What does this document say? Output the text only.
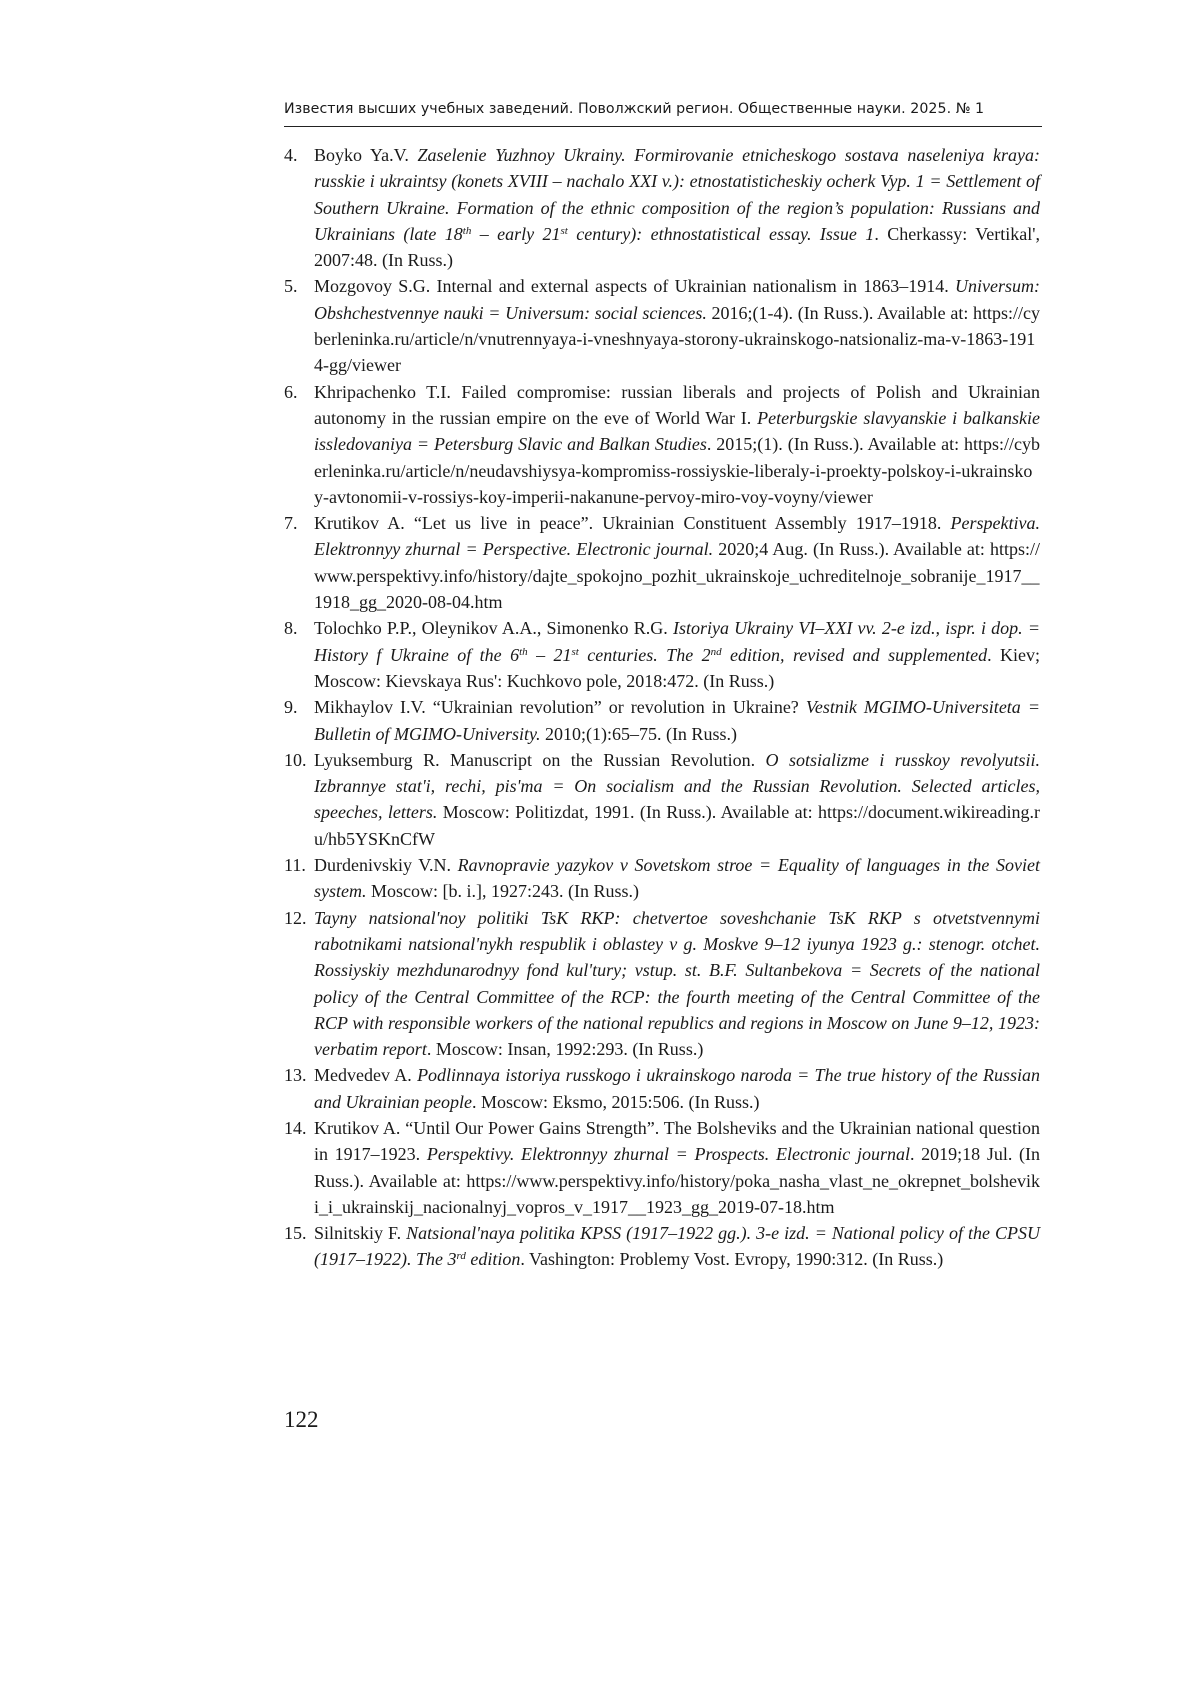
Известия высших учебных заведений. Поволжский регион. Общественные науки. 2025. № 1
4. Boyko Ya.V. Zaselenie Yuzhnoy Ukrainy. Formirovanie etnicheskogo sostava naseleniya kraya: russkie i ukraintsy (konets XVIII – nachalo XXI v.): etnostatisticheskiy ocherk Vyp. 1 = Settlement of Southern Ukraine. Formation of the ethnic composition of the region’s population: Russians and Ukrainians (late 18th – early 21st century): ethnostatistical essay. Issue 1. Cherkassy: Vertikal', 2007:48. (In Russ.)
5. Mozgovoy S.G. Internal and external aspects of Ukrainian nationalism in 1863–1914. Universum: Obshchestvennye nauki = Universum: social sciences. 2016;(1-4). (In Russ.). Available at: https://cyberleninka.ru/article/n/vnutrennyaya-i-vneshnyaya-storony-ukrainskogo-natsionaliz-ma-v-1863-1914-gg/viewer
6. Khripachenko T.I. Failed compromise: russian liberals and projects of Polish and Ukrainian autonomy in the russian empire on the eve of World War I. Peterburgskie slavyanskie i balkanskie issledovaniya = Petersburg Slavic and Balkan Studies. 2015;(1). (In Russ.). Available at: https://cyberleninka.ru/article/n/neudavshiysya-kompromiss-rossiyskie-liberaly-i-proekty-polskoy-i-ukrainskoy-avtonomii-v-rossiys-koy-imperii-nakanune-pervoy-miro-voy-voyny/viewer
7. Krutikov A. “Let us live in peace”. Ukrainian Constituent Assembly 1917–1918. Perspektiva. Elektronnyy zhurnal = Perspective. Electronic journal. 2020;4 Aug. (In Russ.). Available at: https://www.perspektivy.info/history/dajte_spokojno_pozhit_ukrainskoje_uchreditelnoje_sobranije_1917__1918_gg_2020-08-04.htm
8. Tolochko P.P., Oleynikov A.A., Simonenko R.G. Istoriya Ukrainy VI–XXI vv. 2-e izd., ispr. i dop. = History f Ukraine of the 6th – 21st centuries. The 2nd edition, revised and supplemented. Kiev; Moscow: Kievskaya Rus': Kuchkovo pole, 2018:472. (In Russ.)
9. Mikhaylov I.V. “Ukrainian revolution” or revolution in Ukraine? Vestnik MGIMO-Universiteta = Bulletin of MGIMO-University. 2010;(1):65–75. (In Russ.)
10. Lyuksemburg R. Manuscript on the Russian Revolution. O sotsializme i russkoy revolyutsii. Izbrannye stat'i, rechi, pis'ma = On socialism and the Russian Revolution. Selected articles, speeches, letters. Moscow: Politizdat, 1991. (In Russ.). Available at: https://document.wikireading.ru/hb5YSKnCfW
11. Durdenivskiy V.N. Ravnopravie yazykov v Sovetskom stroe = Equality of languages in the Soviet system. Moscow: [b. i.], 1927:243. (In Russ.)
12. Tayny natsional'noy politiki TsK RKP: chetvertoe soveshchanie TsK RKP s otvetstvennymi rabotnikami natsional'nykh respublik i oblastey v g. Moskve 9–12 iyunya 1923 g.: stenogr. otchet. Rossiyskiy mezhdunarodnyy fond kul'tury; vstup. st. B.F. Sultanbekova = Secrets of the national policy of the Central Committee of the RCP: the fourth meeting of the Central Committee of the RCP with responsible workers of the national republics and regions in Moscow on June 9–12, 1923: verbatim report. Moscow: Insan, 1992:293. (In Russ.)
13. Medvedev A. Podlinnaya istoriya russkogo i ukrainskogo naroda = The true history of the Russian and Ukrainian people. Moscow: Eksmo, 2015:506. (In Russ.)
14. Krutikov A. “Until Our Power Gains Strength”. The Bolsheviks and the Ukrainian national question in 1917–1923. Perspektivy. Elektronnyy zhurnal = Prospects. Electronic journal. 2019;18 Jul. (In Russ.). Available at: https://www.perspektivy.info/history/poka_nasha_vlast_ne_okrepnet_bolsheviki_i_ukrainskij_nacionalnyj_vopros_v_1917__1923_gg_2019-07-18.htm
15. Silnitskiy F. Natsional'naya politika KPSS (1917–1922 gg.). 3-e izd. = National policy of the CPSU (1917–1922). The 3rd edition. Vashington: Problemy Vost. Evropy, 1990:312. (In Russ.)
122
